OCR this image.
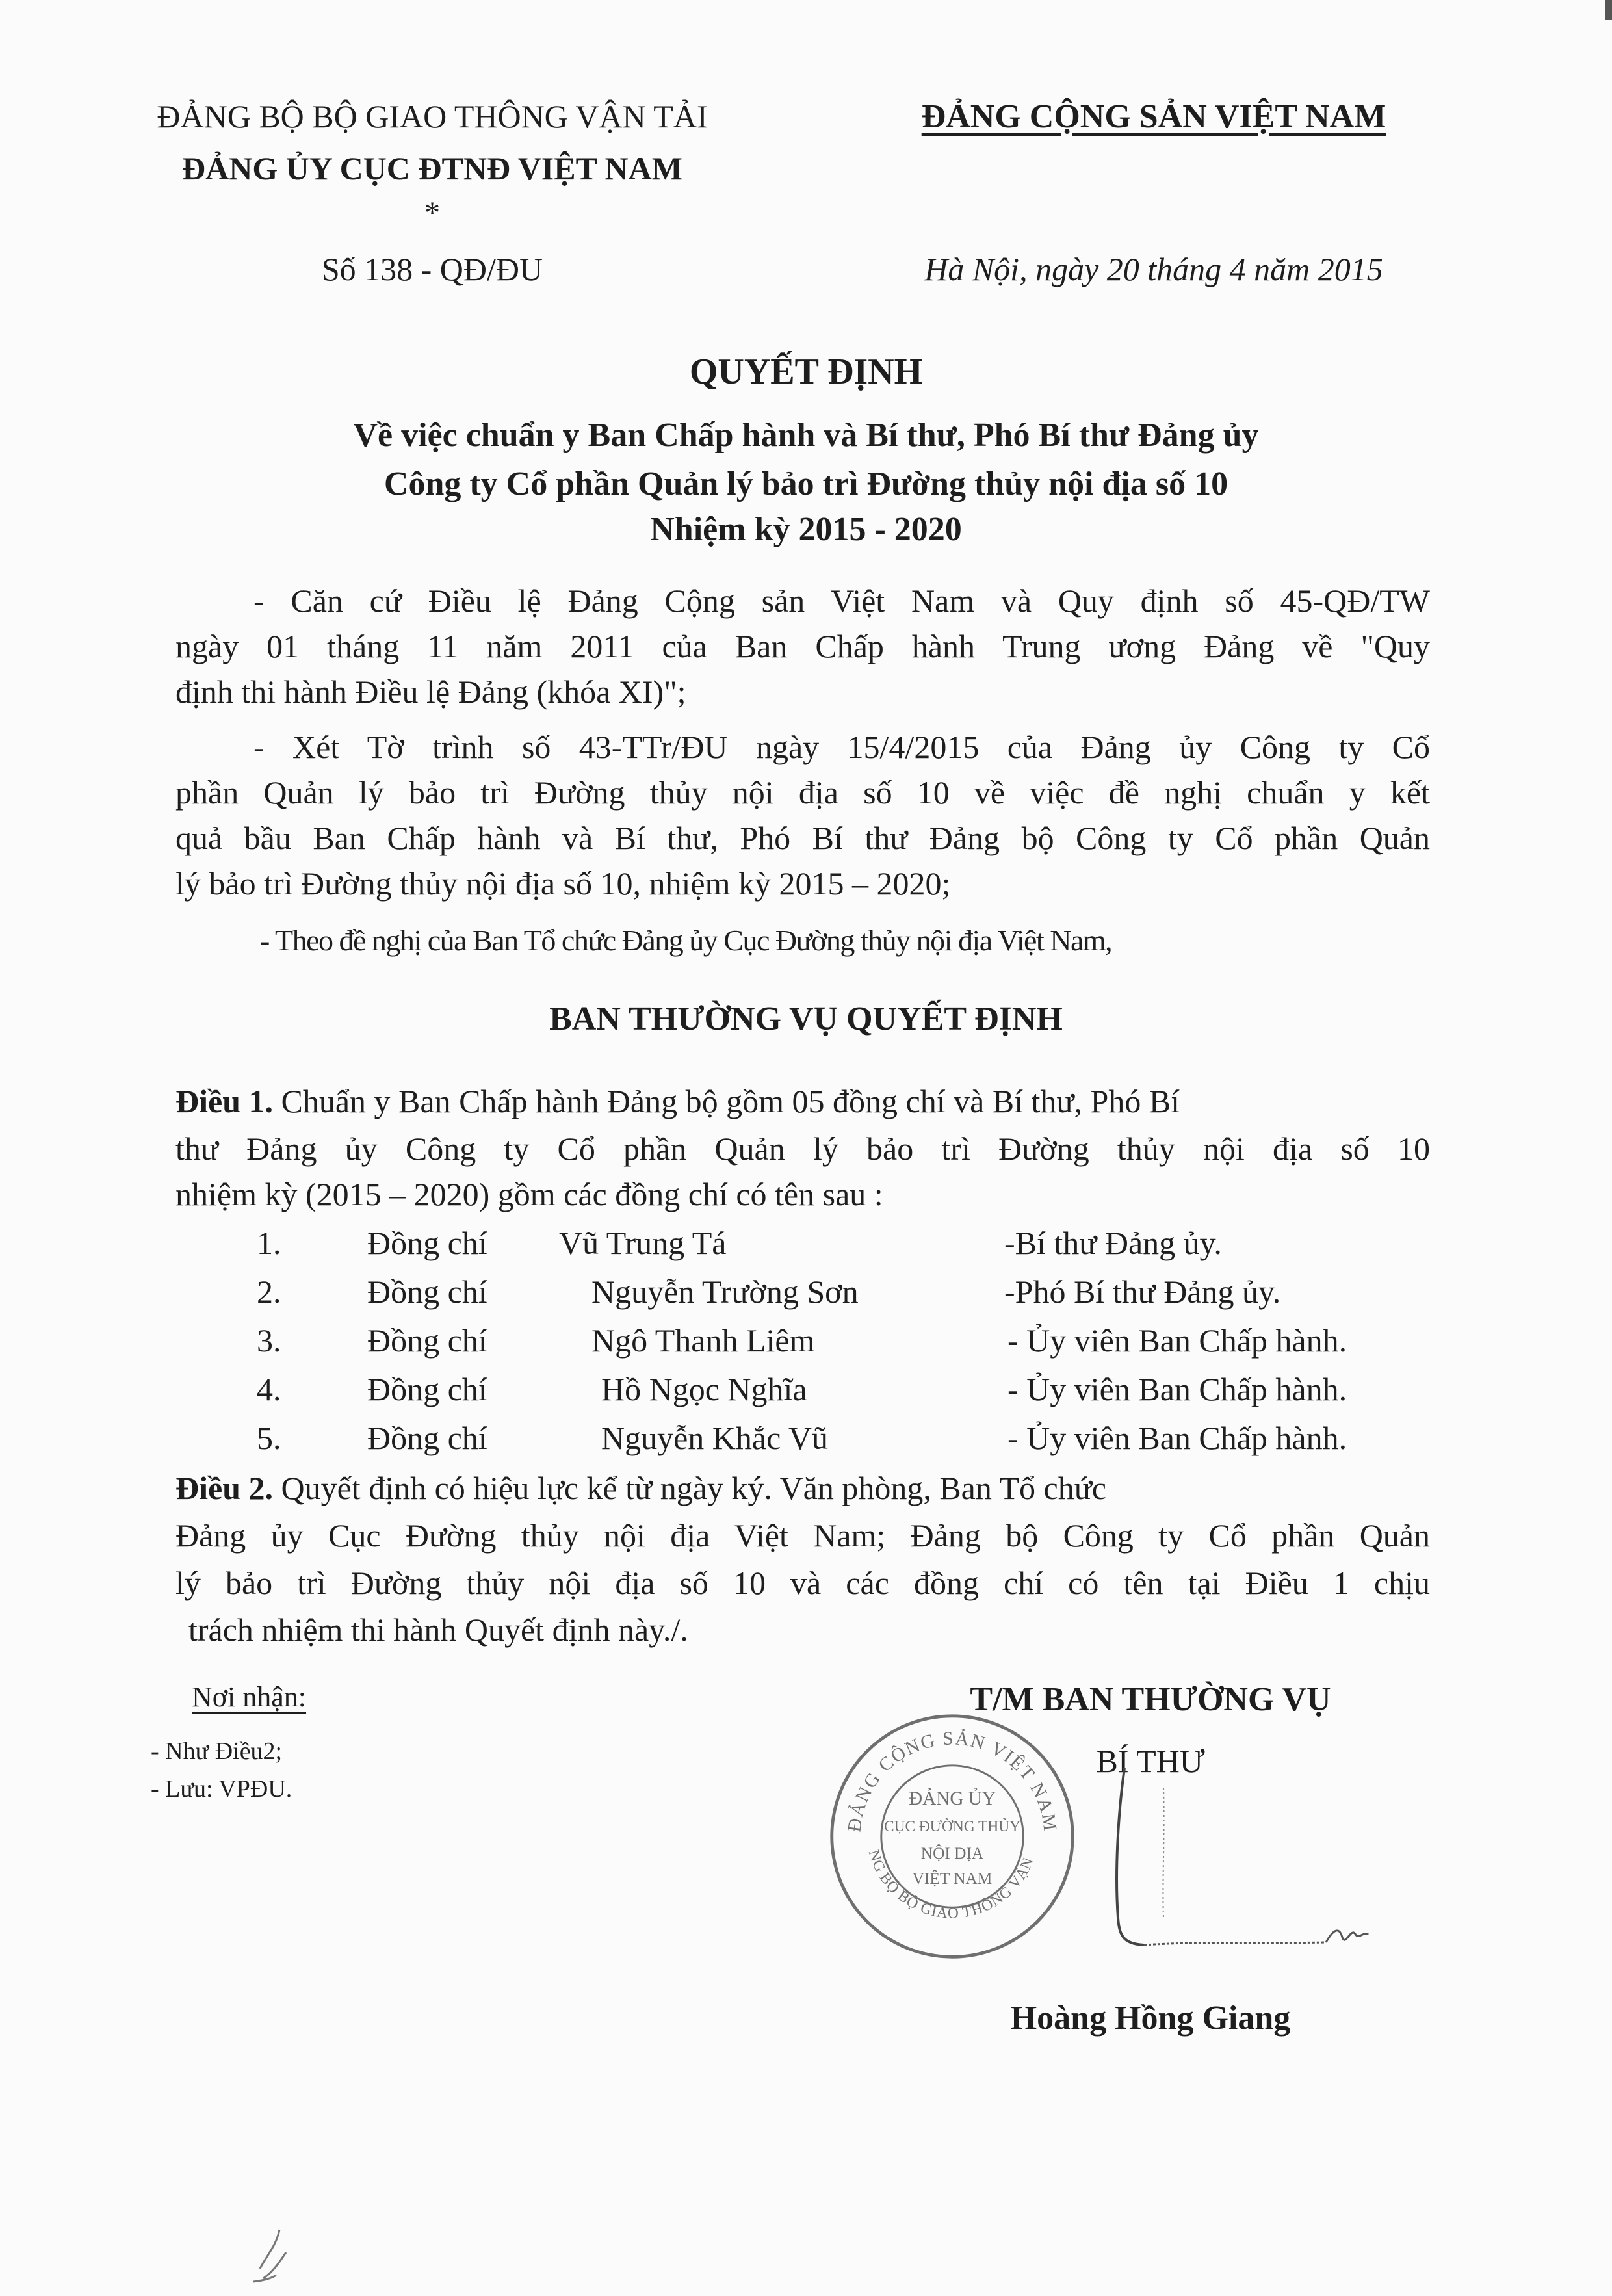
ĐẢNG BỘ BỘ GIAO THÔNG VẬN TẢI
ĐẢNG ỦY CỤC ĐTNĐ VIỆT NAM
*
Số 138 - QĐ/ĐU
ĐẢNG CỘNG SẢN VIỆT NAM
Hà Nội, ngày 20 tháng 4 năm 2015
QUYẾT ĐỊNH
Về việc chuẩn y Ban Chấp hành và Bí thư, Phó Bí thư Đảng ủy
Công ty Cổ phần Quản lý bảo trì Đường thủy nội địa số 10
Nhiệm kỳ 2015 - 2020
- Căn cứ Điều lệ Đảng Cộng sản Việt Nam và Quy định số 45-QĐ/TW
ngày 01 tháng 11 năm 2011 của Ban Chấp hành Trung ương Đảng về "Quy
định thi hành Điều lệ Đảng (khóa XI)";
- Xét Tờ trình số 43-TTr/ĐU ngày 15/4/2015 của Đảng ủy Công ty Cổ
phần Quản lý bảo trì Đường thủy nội địa số 10 về việc đề nghị chuẩn y kết
quả bầu Ban Chấp hành và Bí thư, Phó Bí thư Đảng bộ Công ty Cổ phần Quản
lý bảo trì Đường thủy nội địa số 10, nhiệm kỳ 2015 – 2020;
- Theo đề nghị của Ban Tổ chức Đảng ủy Cục Đường thủy nội địa Việt Nam,
BAN THƯỜNG VỤ QUYẾT ĐỊNH
Điều 1. Chuẩn y Ban Chấp hành Đảng bộ gồm 05 đồng chí và Bí thư, Phó Bí
thư Đảng ủy Công ty Cổ phần Quản lý bảo trì Đường thủy nội địa số 10
nhiệm kỳ (2015 – 2020) gồm các đồng chí có tên sau :
1.	Đồng chí Vũ Trung Tá	-Bí thư Đảng ủy.
2.	Đồng chí	Nguyễn Trường Sơn	-Phó Bí thư Đảng ủy.
3.	Đồng chí	Ngô Thanh Liêm	- Ủy viên Ban Chấp hành.
4.	Đồng chí	Hồ Ngọc Nghĩa	- Ủy viên Ban Chấp hành.
5.	Đồng chí	Nguyễn Khắc Vũ	- Ủy viên Ban Chấp hành.
Điều 2. Quyết định có hiệu lực kể từ ngày ký. Văn phòng, Ban Tổ chức
Đảng ủy Cục Đường thủy nội địa Việt Nam; Đảng bộ Công ty Cổ phần Quản
lý bảo trì Đường thủy nội địa số 10 và các đồng chí có tên tại Điều 1 chịu
trách nhiệm thi hành Quyết định này./.
Nơi nhận:
- Như Điều2;
- Lưu: VPĐU.
T/M BAN THƯỜNG VỤ
BÍ THƯ
ĐẢNG CỘNG SẢN VIỆT NAM
NG BỘ BỘ GIAO THÔNG VẬN
ĐẢNG ỦY
CỤC ĐƯỜNG THỦY
NỘI ĐỊA
VIỆT NAM
Hoàng Hồng Giang
